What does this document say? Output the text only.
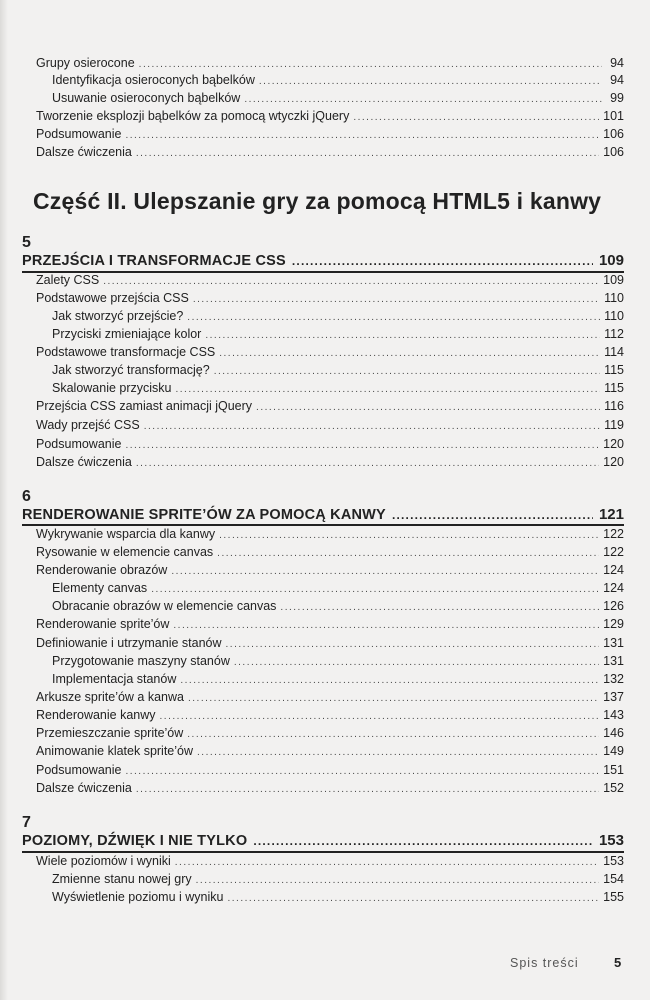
Grupy osierocone .....	94
Identyfikacja osieroconych bąbelków .....	94
Usuwanie osieroconych bąbelków .....	99
Tworzenie eksplozji bąbelków za pomocą wtyczki jQuery .....	101
Podsumowanie .....	106
Dalsze ćwiczenia .....	106
Część II. Ulepszanie gry za pomocą HTML5 i kanwy
5
PRZEJŚCIA I TRANSFORMACJE CSS .....	109
Zalety CSS .....	109
Podstawowe przejścia CSS .....	110
Jak stworzyć przejście? .....	110
Przyciski zmieniające kolor .....	112
Podstawowe transformacje CSS .....	114
Jak stworzyć transformację? .....	115
Skalowanie przycisku .....	115
Przejścia CSS zamiast animacji jQuery .....	116
Wady przejść CSS .....	119
Podsumowanie .....	120
Dalsze ćwiczenia .....	120
6
RENDEROWANIE SPRITE’ÓW ZA POMOCĄ KANWY .....	121
Wykrywanie wsparcia dla kanwy .....	122
Rysowanie w elemencie canvas .....	122
Renderowanie obrazów .....	124
Elementy canvas .....	124
Obracanie obrazów w elemencie canvas .....	126
Renderowanie sprite’ów .....	129
Definiowanie i utrzymanie stanów .....	131
Przygotowanie maszyny stanów .....	131
Implementacja stanów .....	132
Arkusze sprite’ów a kanwa .....	137
Renderowanie kanwy .....	143
Przemieszczanie sprite’ów .....	146
Animowanie klatek sprite’ów .....	149
Podsumowanie .....	151
Dalsze ćwiczenia .....	152
7
POZIOMY, DŹWIĘK I NIE TYLKO .....	153
Wiele poziomów i wyniki .....	153
Zmienne stanu nowej gry .....	154
Wyświetlenie poziomu i wyniku .....	155
Spis treści	5
